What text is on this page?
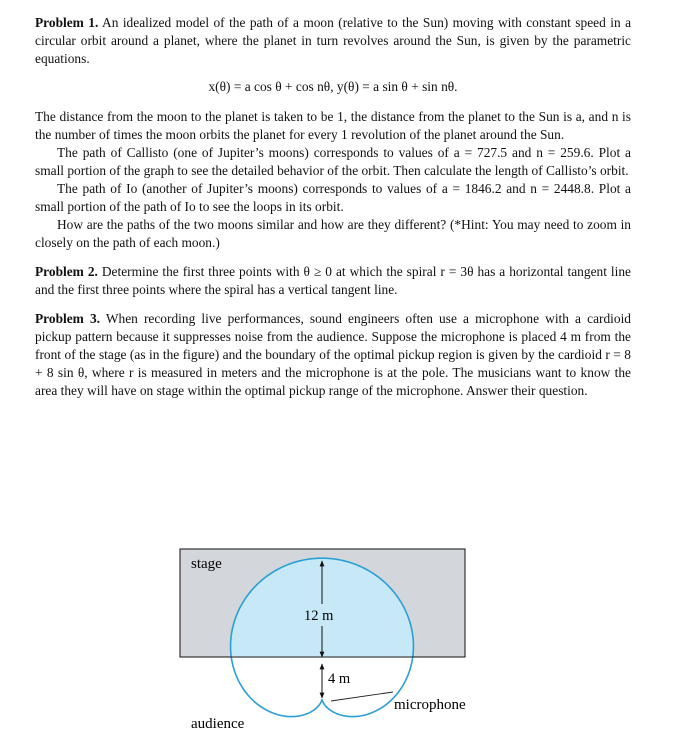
Problem 1. An idealized model of the path of a moon (relative to the Sun) moving with constant speed in a circular orbit around a planet, where the planet in turn revolves around the Sun, is given by the parametric equations.

x(θ) = a cos θ + cos nθ, y(θ) = a sin θ + sin nθ.

The distance from the moon to the planet is taken to be 1, the distance from the planet to the Sun is a, and n is the number of times the moon orbits the planet for every 1 revolution of the planet around the Sun.

The path of Callisto (one of Jupiter’s moons) corresponds to values of a = 727.5 and n = 259.6. Plot a small portion of the graph to see the detailed behavior of the orbit. Then calculate the length of Callisto’s orbit.

The path of Io (another of Jupiter’s moons) corresponds to values of a = 1846.2 and n = 2448.8. Plot a small portion of the path of Io to see the loops in its orbit.

How are the paths of the two moons similar and how are they different? (*Hint: You may need to zoom in closely on the path of each moon.)

Problem 2. Determine the first three points with θ ≥ 0 at which the spiral r = 3θ has a horizontal tangent line and the first three points where the spiral has a vertical tangent line.

Problem 3. When recording live performances, sound engineers often use a microphone with a cardioid pickup pattern because it suppresses noise from the audience. Suppose the microphone is placed 4 m from the front of the stage (as in the figure) and the boundary of the optimal pickup region is given by the cardioid r = 8 + 8 sin θ, where r is measured in meters and the microphone is at the pole. The musicians want to know the area they will have on stage within the optimal pickup range of the microphone. Answer their question.

stage
12 m
4 m
microphone
audience
